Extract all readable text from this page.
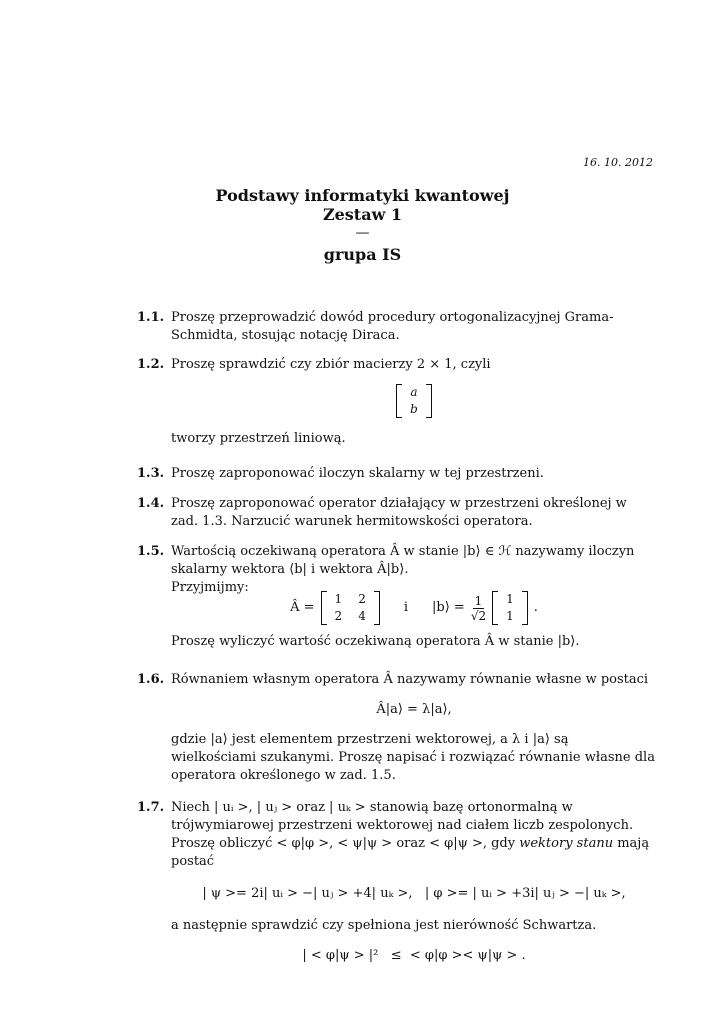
16. 10. 2012
Podstawy informatyki kwantowej
Zestaw 1
—
grupa IS
1.1. Proszę przeprowadzić dowód procedury ortogonalizacyjnej Grama-Schmidta, stosując notację Diraca.

1.2. Proszę sprawdzić czy zbiór macierzy 2 × 1, czyli

a
b

tworzy przestrzeń liniową.

1.3. Proszę zaproponować iloczyn skalarny w tej przestrzeni.

1.4. Proszę zaproponować operator działający w przestrzeni określonej w zad. 1.3. Narzucić warunek hermitowskości operatora.

1.5. Wartością oczekiwaną operatora Â w stanie |b⟩ ∈ ℋ nazywamy iloczyn skalarny wektora ⟨b| i wektora Â|b⟩.

Przyjmijmy:

Â =
1	2
2	4
i |b⟩ = $\frac{1}{√2} 1$
1
.

Proszę wyliczyć wartość oczekiwaną operatora Â w stanie |b⟩.

1.6. Równaniem własnym operatora Â nazywamy równanie własne w postaci

Â|a⟩ = λ|a⟩,

gdzie |a⟩ jest elementem przestrzeni wektorowej, a λ i |a⟩ są wielkościami szukanymi. Proszę napisać i rozwiązać równanie własne dla operatora określonego w zad. 1.5.

1.7. Niech | uᵢ >, | uⱼ > oraz | uₖ > stanowią bazę ortonormalną w trójwymiarowej przestrzeni wektorowej nad ciałem liczb zespolonych.

Proszę obliczyć < φ|φ >, < ψ|ψ > oraz < φ|ψ >, gdy wektory stanu mają postać

| ψ >= 2i| uᵢ > −| uⱼ > +4| uₖ >,   | φ >= | uᵢ > +3i| uⱼ > −| uₖ >,

a następnie sprawdzić czy spełniona jest nierówność Schwartza.

| < φ|ψ > |²   ≤  < φ|φ >< ψ|ψ > .
